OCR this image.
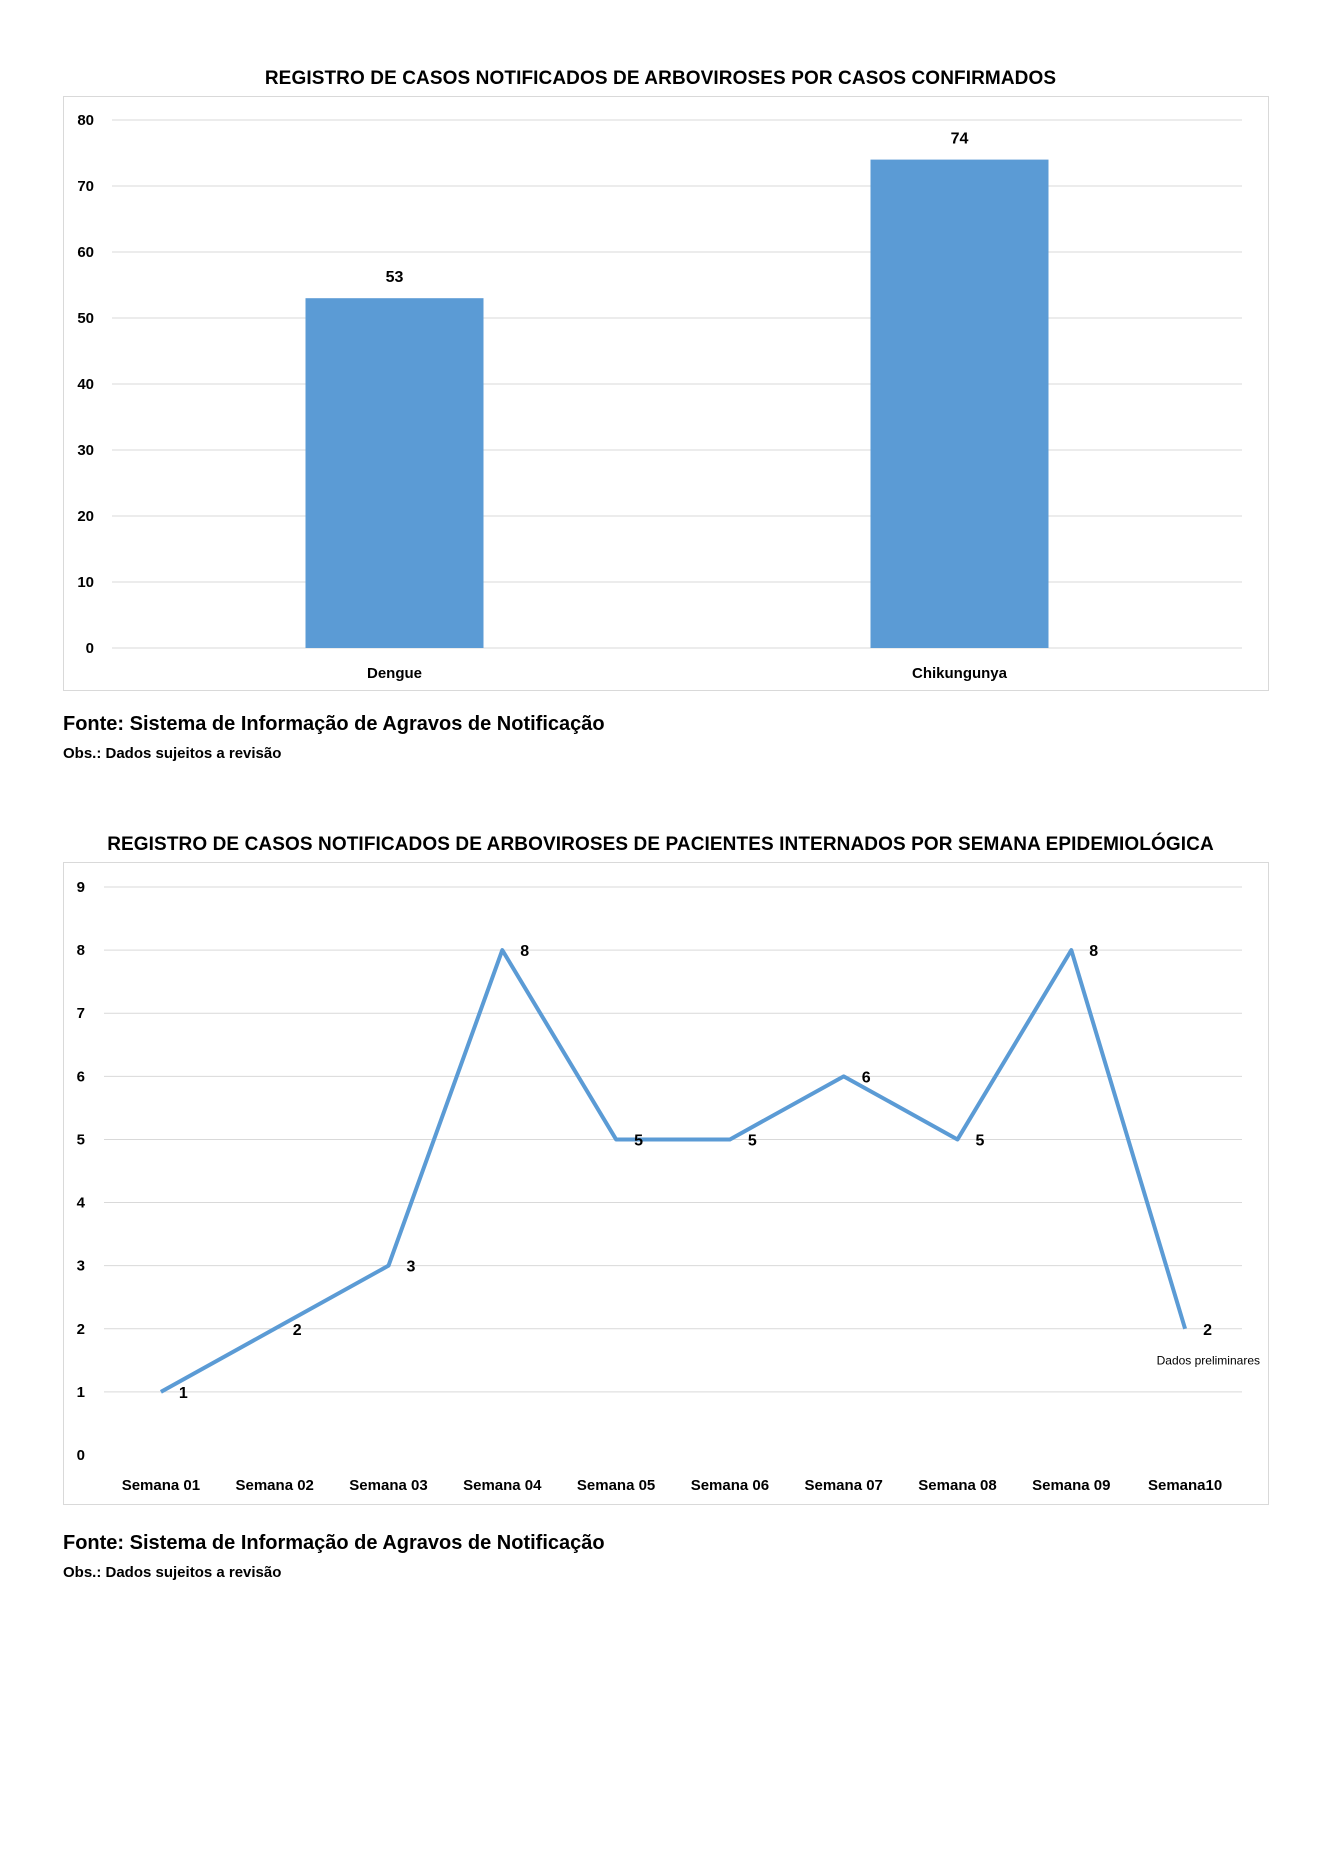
REGISTRO DE CASOS NOTIFICADOS DE ARBOVIROSES POR CASOS CONFIRMADOS
0
10
20
30
40
50
60
70
80
53
Dengue
74
Chikungunya
Fonte: Sistema de Informação de Agravos de Notificação
Obs.: Dados sujeitos a revisão
REGISTRO DE CASOS NOTIFICADOS DE ARBOVIROSES DE PACIENTES INTERNADOS POR SEMANA EPIDEMIOLÓGICA
0
1
2
3
4
5
6
7
8
9
Semana 01 Semana 02 Semana 03 Semana 04 Semana 05 Semana 06 Semana 07 Semana 08 Semana 09 Semana10
1
2
3
8
5	5
6
5
8
2
Dados preliminares
Fonte: Sistema de Informação de Agravos de Notificação
Obs.: Dados sujeitos a revisão
